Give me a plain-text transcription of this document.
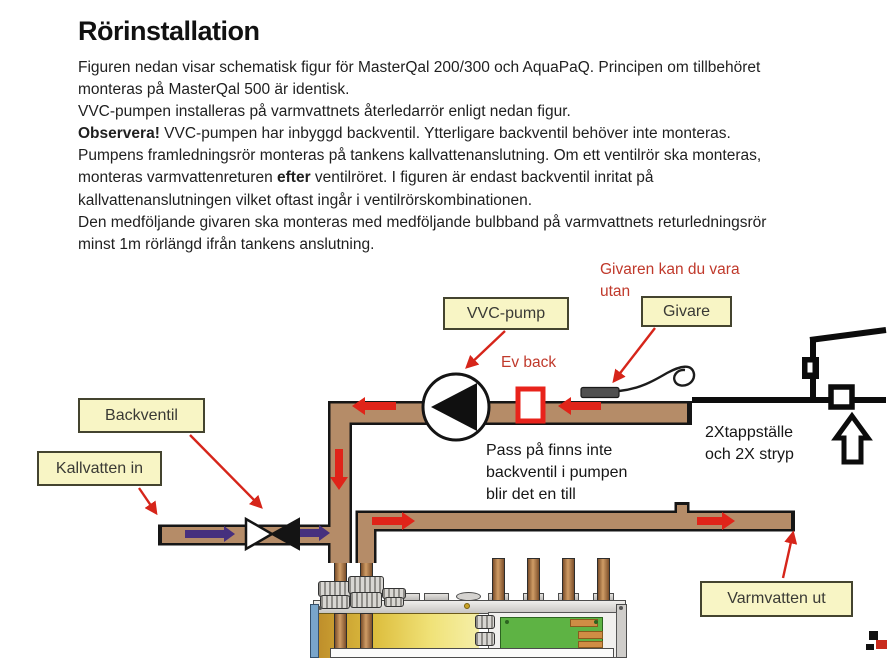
Rörinstallation
Figuren nedan visar schematisk figur för MasterQal 200/300 och AquaPaQ. Principen om tillbehöret
monteras på MasterQal 500 är identisk.
VVC-pumpen installeras på varmvattnets återledarrör enligt nedan figur.
Observera! VVC-pumpen har inbyggd backventil. Ytterligare backventil behöver inte monteras.
Pumpens framledningsrör monteras på tankens kallvattenanslutning. Om ett ventilrör ska monteras,
monteras varmvattenreturen efter ventilröret. I figuren är endast backventil inritat på
kallvattenanslutningen vilket oftast ingår i ventilrörskombinationen.
Den medföljande givaren ska monteras med medföljande bulbband på varmvattnets returledningsrör
minst 1m rörlängd ifrån tankens anslutning.
Givaren kan du vara
utan
Ev back
Pass på finns inte
backventil i pumpen
blir det en till
2Xtappställe
och 2X stryp
VVC-pump	Givare
Backventil
Kallvatten in
Varmvatten ut
